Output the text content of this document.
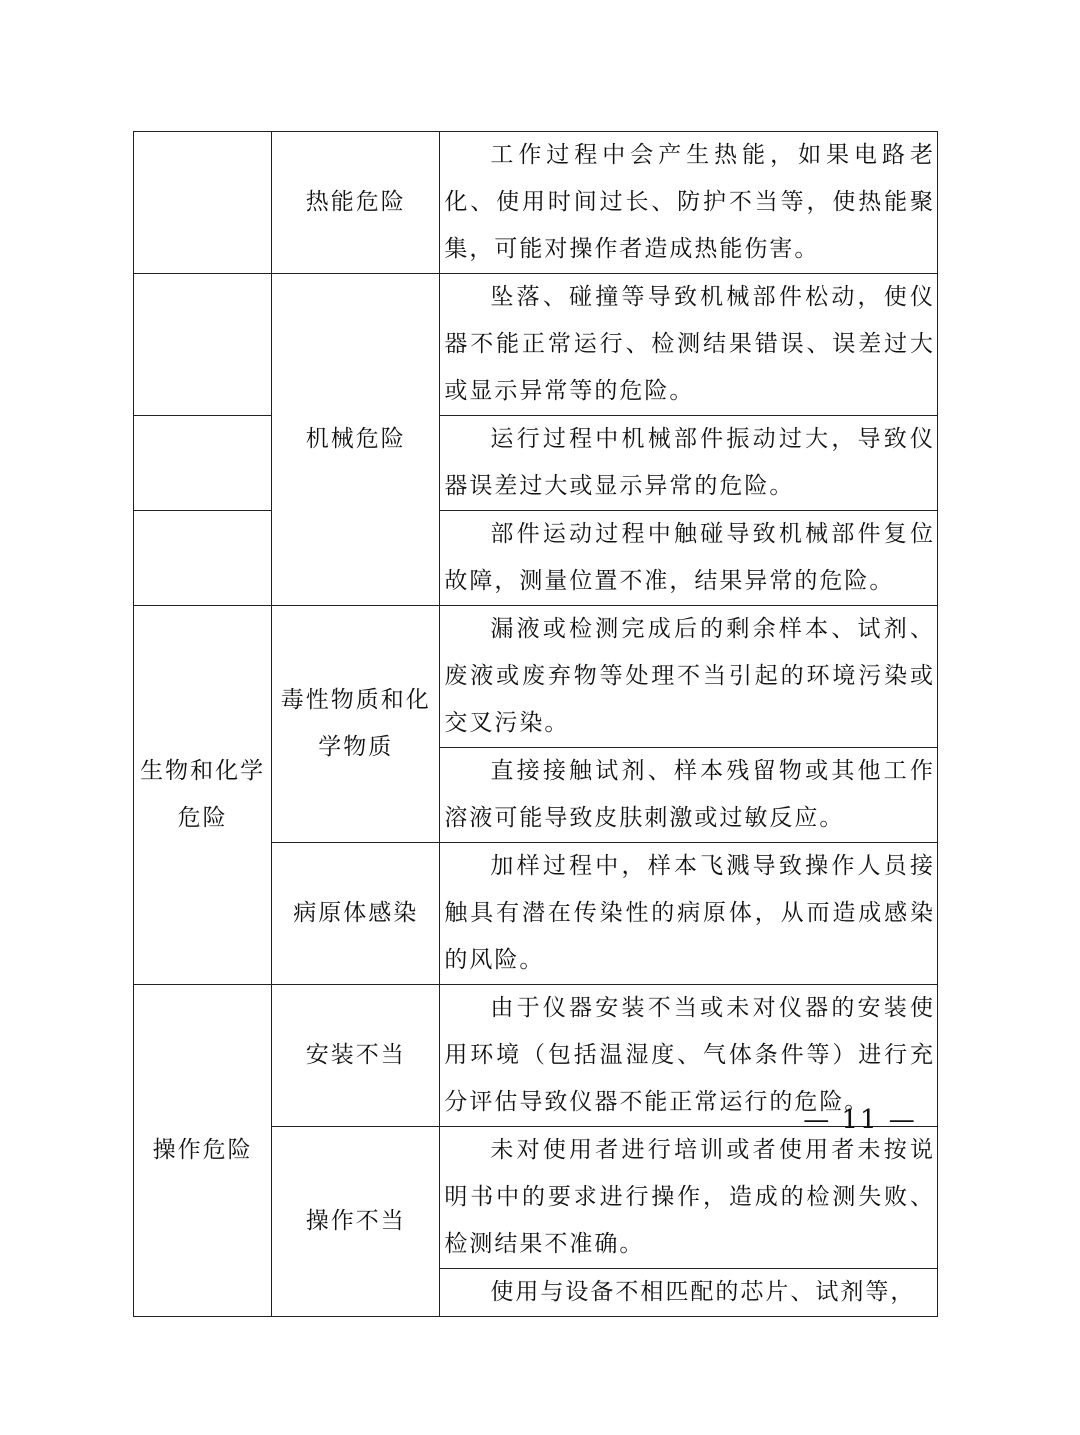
	热能危险	工作过程中会产生热能，如果电路老化、使用时间过长、防护不当等，使热能聚集，可能对操作者造成热能伤害。
	机械危险	坠落、碰撞等导致机械部件松动，使仪器不能正常运行、检测结果错误、误差过大或显示异常等的危险。
		运行过程中机械部件振动过大，导致仪器误差过大或显示异常的危险。
		部件运动过程中触碰导致机械部件复位故障，测量位置不准，结果异常的危险。
生物和化学危险	毒性物质和化学物质	漏液或检测完成后的剩余样本、试剂、废液或废弃物等处理不当引起的环境污染或交叉污染。
		直接接触试剂、样本残留物或其他工作溶液可能导致皮肤刺激或过敏反应。
	病原体感染	加样过程中，样本飞溅导致操作人员接触具有潜在传染性的病原体，从而造成感染的风险。
操作危险	安装不当	由于仪器安装不当或未对仪器的安装使用环境（包括温湿度、气体条件等）进行充分评估导致仪器不能正常运行的危险。
	操作不当	未对使用者进行培训或者使用者未按说明书中的要求进行操作，造成的检测失败、检测结果不准确。
		使用与设备不相匹配的芯片、试剂等，
— 11 —
